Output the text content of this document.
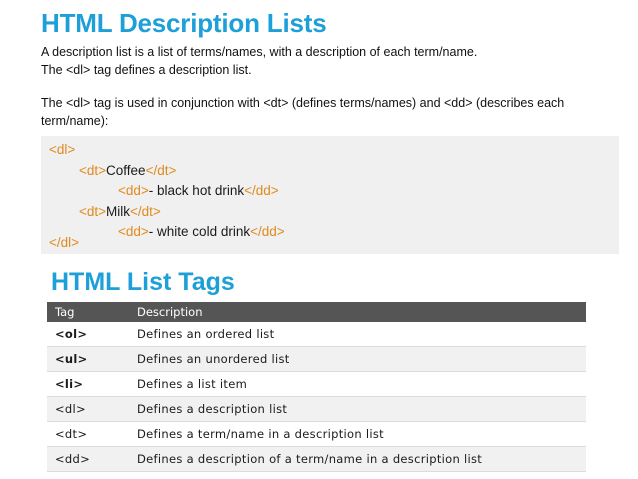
HTML Description Lists
A description list is a list of terms/names, with a description of each term/name.
The <dl> tag defines a description list.
The <dl> tag is used in conjunction with <dt> (defines terms/names) and <dd> (describes each term/name):
<dl>
<dt>Coffee</dt>
<dd>- black hot drink</dd>
<dt>Milk</dt>
<dd>- white cold drink</dd>
</dl>
HTML List Tags
Tag	Description
<ol>	Defines an ordered list
<ul>	Defines an unordered list
<li>	Defines a list item
<dl>	Defines a description list
<dt>	Defines a term/name in a description list
<dd>	Defines a description of a term/name in a description list
